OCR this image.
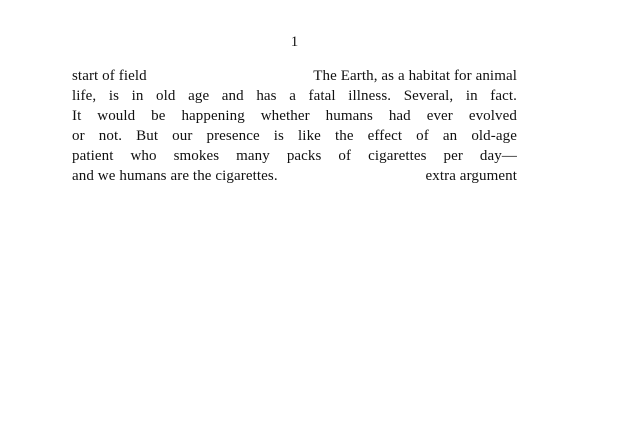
1
start of field	The Earth, as a habitat for animal
life, is in old age and has a fatal illness. Several, in fact.
It would be happening whether humans had ever evolved
or not. But our presence is like the effect of an old-age
patient who smokes many packs of cigarettes per day—
and we humans are the cigarettes.	extra argument
